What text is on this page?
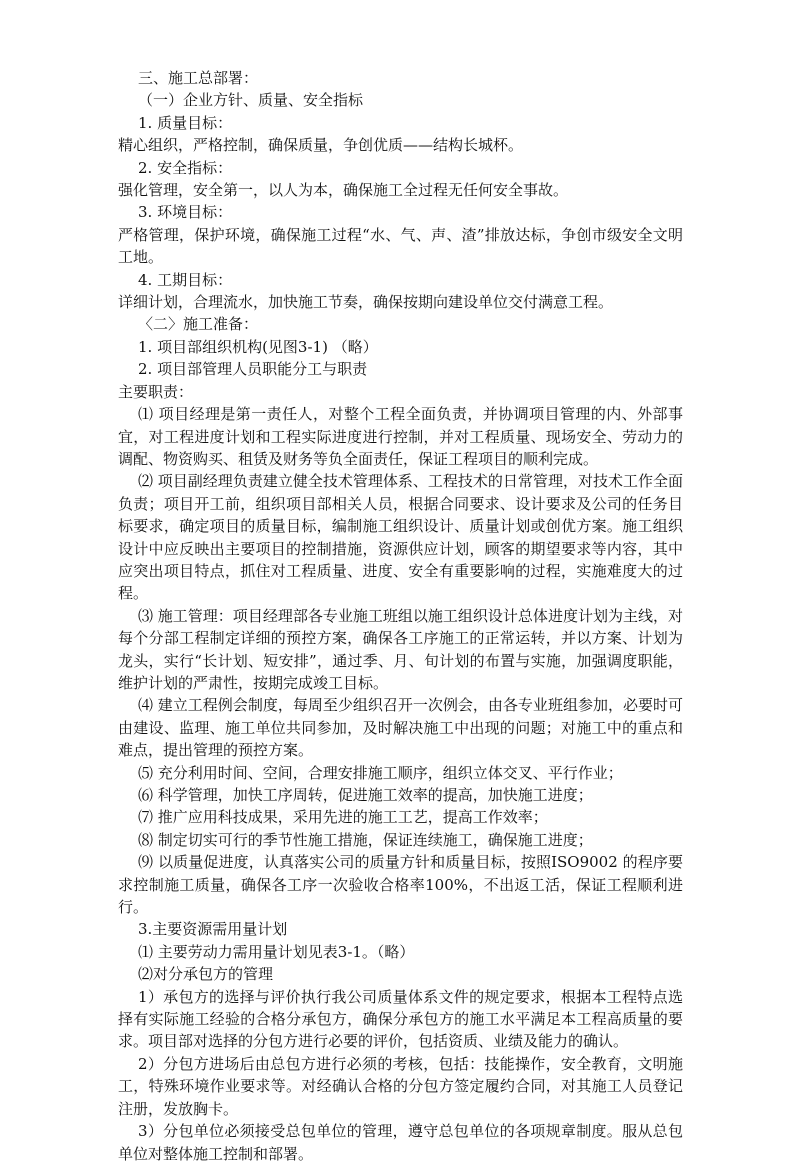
三、施工总部署：

（一）企业方针、质量、安全指标

1. 质量目标：

精心组织，严格控制，确保质量，争创优质——结构长城杯。

2. 安全指标：

强化管理，安全第一，以人为本，确保施工全过程无任何安全事故。

3. 环境目标：

严格管理，保护环境，确保施工过程“水、气、声、渣”排放达标，争创市级安全文明工地。

4. 工期目标：

详细计划，合理流水，加快施工节奏，确保按期向建设单位交付满意工程。

〈二〉施工准备：

1. 项目部组织机构(见图3-1) （略）

2. 项目部管理人员职能分工与职责

主要职责：

⑴ 项目经理是第一责任人，对整个工程全面负责，并协调项目管理的内、外部事宜，对工程进度计划和工程实际进度进行控制，并对工程质量、现场安全、劳动力的调配、物资购买、租赁及财务等负全面责任，保证工程项目的顺利完成。

⑵ 项目副经理负责建立健全技术管理体系、工程技术的日常管理，对技术工作全面负责；项目开工前，组织项目部相关人员，根据合同要求、设计要求及公司的任务目标要求，确定项目的质量目标，编制施工组织设计、质量计划或创优方案。施工组织设计中应反映出主要项目的控制措施，资源供应计划，顾客的期望要求等内容，其中应突出项目特点，抓住对工程质量、进度、安全有重要影响的过程，实施难度大的过程。

⑶ 施工管理：项目经理部各专业施工班组以施工组织设计总体进度计划为主线，对每个分部工程制定详细的预控方案，确保各工序施工的正常运转，并以方案、计划为龙头，实行“长计划、短安排”，通过季、月、旬计划的布置与实施，加强调度职能，维护计划的严肃性，按期完成竣工目标。

⑷ 建立工程例会制度，每周至少组织召开一次例会，由各专业班组参加，必要时可由建设、监理、施工单位共同参加，及时解决施工中出现的问题；对施工中的重点和难点，提出管理的预控方案。

⑸ 充分利用时间、空间，合理安排施工顺序，组织立体交叉、平行作业；

⑹ 科学管理，加快工序周转，促进施工效率的提高，加快施工进度；

⑺ 推广应用科技成果，采用先进的施工工艺，提高工作效率；

⑻ 制定切实可行的季节性施工措施，保证连续施工，确保施工进度；

⑼ 以质量促进度，认真落实公司的质量方针和质量目标，按照ISO9002 的程序要求控制施工质量，确保各工序一次验收合格率100%，不出返工活，保证工程顺利进行。

3.主要资源需用量计划

⑴ 主要劳动力需用量计划见表3-1。（略）

⑵对分承包方的管理

1）承包方的选择与评价执行我公司质量体系文件的规定要求，根据本工程特点选择有实际施工经验的合格分承包方，确保分承包方的施工水平满足本工程高质量的要求。项目部对选择的分包方进行必要的评价，包括资质、业绩及能力的确认。

2）分包方进场后由总包方进行必须的考核，包括：技能操作，安全教育，文明施工，特殊环境作业要求等。对经确认合格的分包方签定履约合同，对其施工人员登记注册，发放胸卡。

3）分包单位必须接受总包单位的管理，遵守总包单位的各项规章制度。服从总包单位对整体施工控制和部署。
